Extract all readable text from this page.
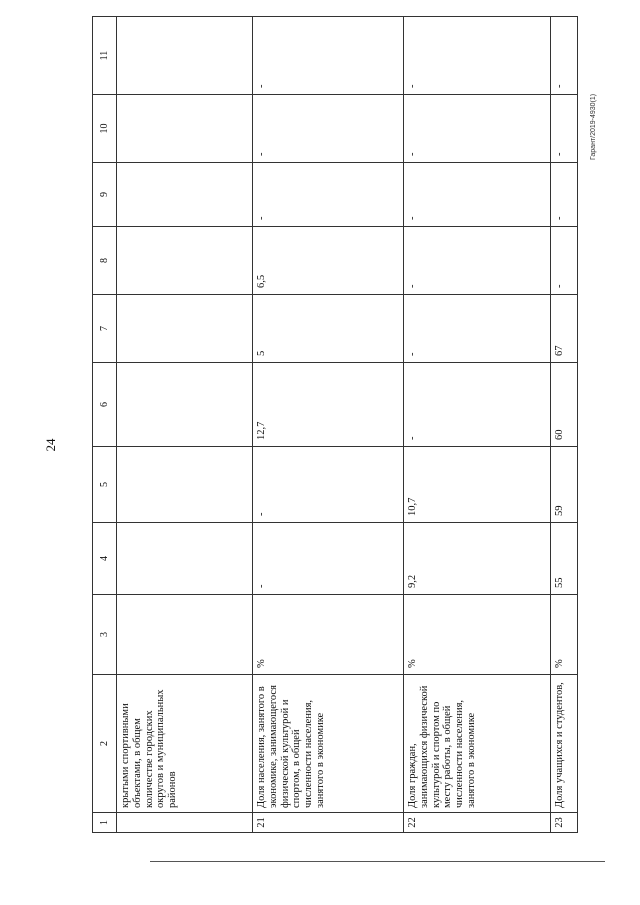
24
Гарант/2019-4930(1)
1	2	3	4	5	6	7	8	9	10	11
	крытыми спортивными объектами, в общем количестве городских округов и муниципальных районов									
21	Доля населения, занятого в экономике, занимающегося физической культурой и спортом, в общей численности населения, занятого в экономике	%	-	-	12,7	5	6,5	-	-	-
22	Доля граждан, занимающихся физической культурой и спортом по месту работы, в общей численности населения, занятого в экономике	%	9,2	10,7	-	-	-	-	-	-
23	Доля учащихся и студентов,	%	55	59	60	67	-	-	-	-
